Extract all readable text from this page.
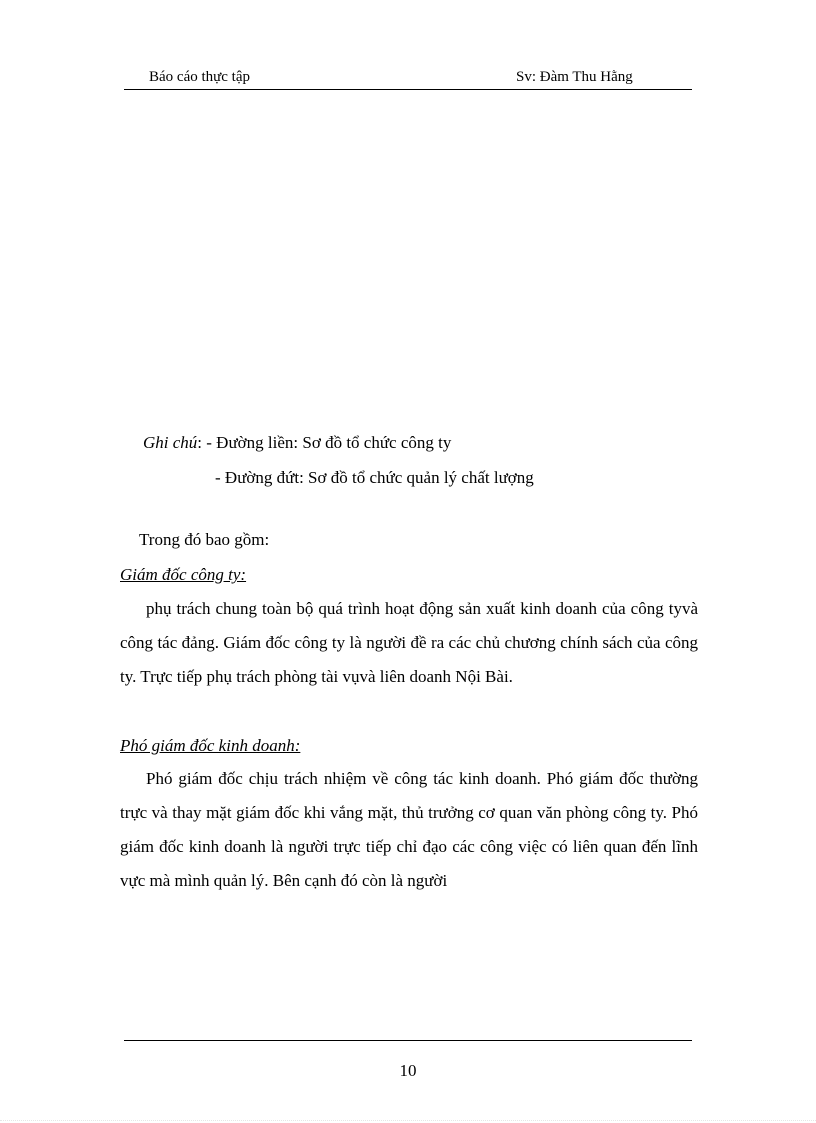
Báo cáo thực tập	Sv: Đàm Thu Hằng
Ghi chú: - Đường liền: Sơ đồ tổ chức công ty
- Đường đứt: Sơ đồ tổ chức quản lý chất lượng
Trong đó bao gồm:
Giám đốc công ty:
phụ trách chung toàn bộ quá trình hoạt động sản xuất kinh doanh của công tyvà công tác đảng. Giám đốc công ty là người đề ra các chủ chương chính sách của công ty. Trực tiếp phụ trách phòng tài vụvà liên doanh Nội Bài.
Phó giám đốc kinh doanh:
Phó giám đốc chịu trách nhiệm về công tác kinh doanh. Phó giám đốc thường trực và thay mặt giám đốc khi vắng mặt, thủ trưởng cơ quan văn phòng công ty. Phó giám đốc kinh doanh là người trực tiếp chỉ đạo các công việc có liên quan đến lĩnh vực mà mình quản lý. Bên cạnh đó còn là người
10
